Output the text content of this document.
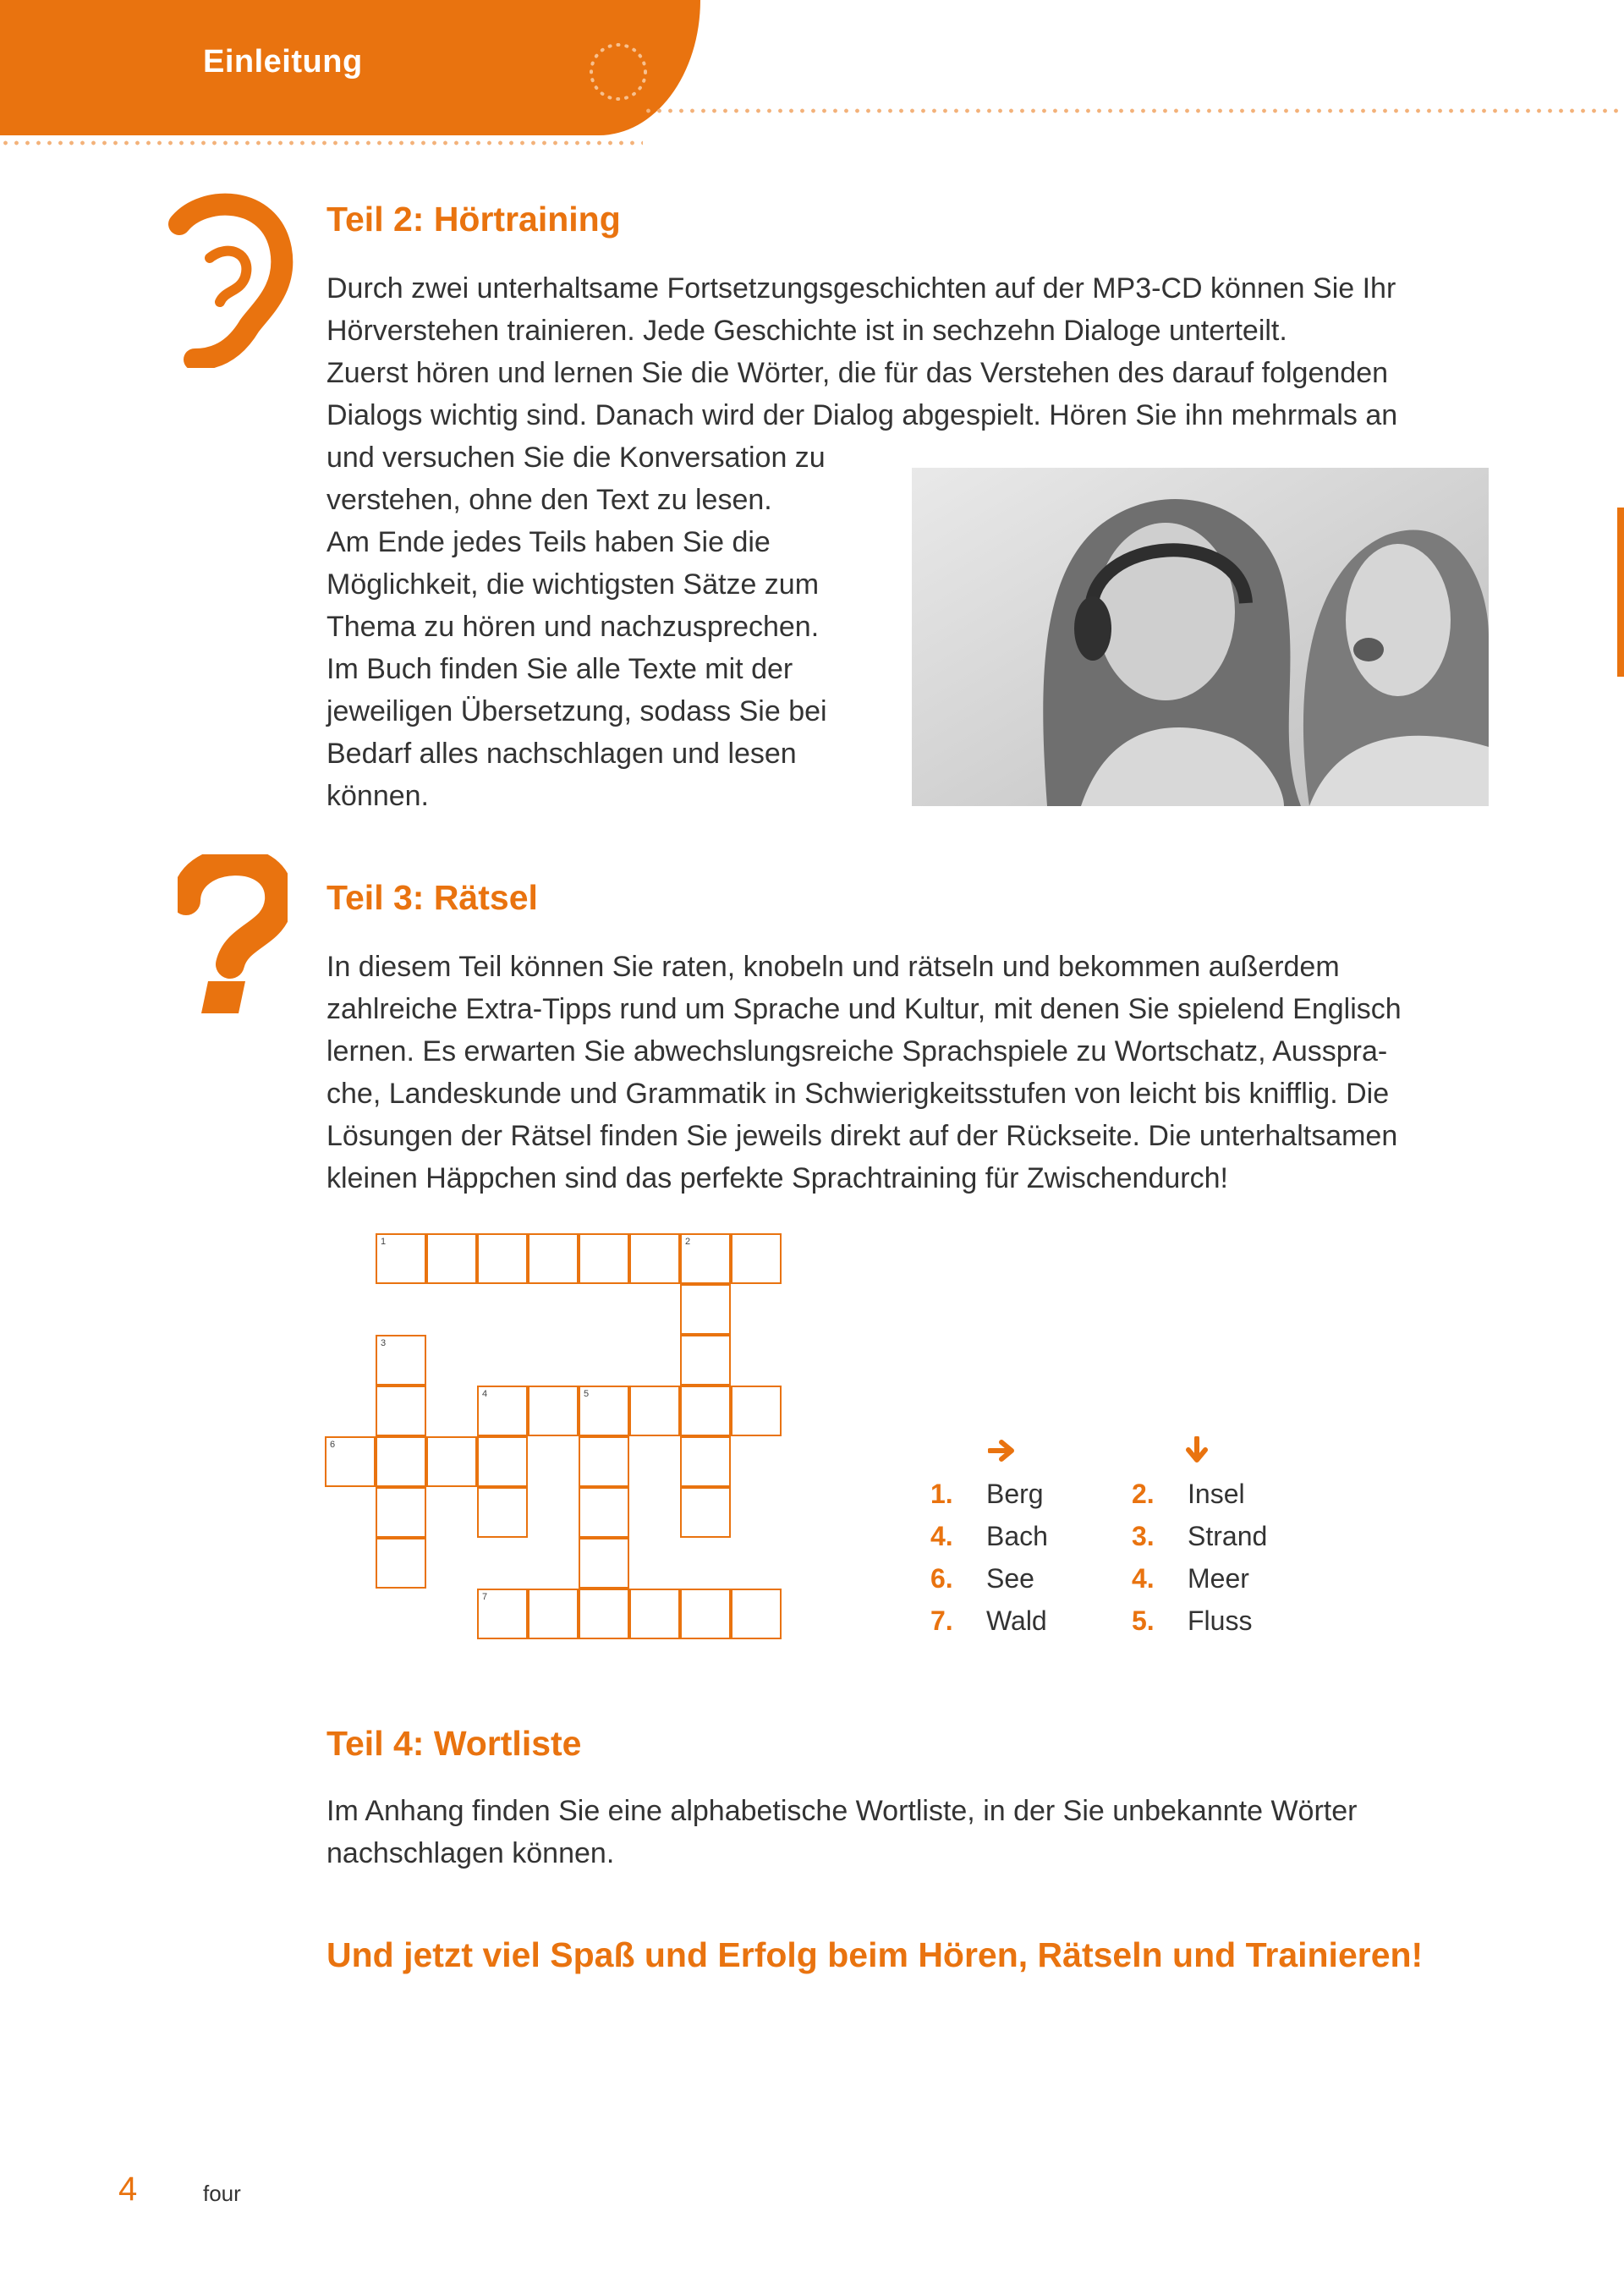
Einleitung
Teil 2: Hörtraining

Durch zwei unterhaltsame Fortsetzungsgeschichten auf der MP3-CD können Sie Ihr

Hörverstehen trainieren. Jede Geschichte ist in sechzehn Dialoge unterteilt.

Zuerst hören und lernen Sie die Wörter, die für das Verstehen des darauf folgenden

Dialogs wichtig sind. Danach wird der Dialog abgespielt. Hören Sie ihn mehrmals an

und versuchen Sie die Konversation zu

verstehen, ohne den Text zu lesen.

Am Ende jedes Teils haben Sie die

Möglichkeit, die wichtigsten Sätze zum

Thema zu hören und nachzusprechen.

Im Buch finden Sie alle Texte mit der

jeweiligen Übersetzung, sodass Sie bei

Bedarf alles nachschlagen und lesen

können.

Teil 3: Rätsel

In diesem Teil können Sie raten, knobeln und rätseln und bekommen außerdem

zahlreiche Extra-Tipps rund um Sprache und Kultur, mit denen Sie spielend Englisch

lernen. Es erwarten Sie abwechslungsreiche Sprachspiele zu Wortschatz, Ausspra-

che, Landeskunde und Grammatik in Schwierigkeitsstufen von leicht bis knifflig. Die

Lösungen der Rätsel finden Sie jeweils direkt auf der Rückseite. Die unterhaltsamen

kleinen Häppchen sind das perfekte Sprachtraining für Zwischendurch!

1	2
3
4	5
6
7
1. Berg
4. Bach
6. See
7. Wald
2. Insel
3. Strand
4. Meer
5. Fluss
Teil 4: Wortliste

Im Anhang finden Sie eine alphabetische Wortliste, in der Sie unbekannte Wörter

nachschlagen können.

Und jetzt viel Spaß und Erfolg beim Hören, Rätseln und Trainieren!
4	four
